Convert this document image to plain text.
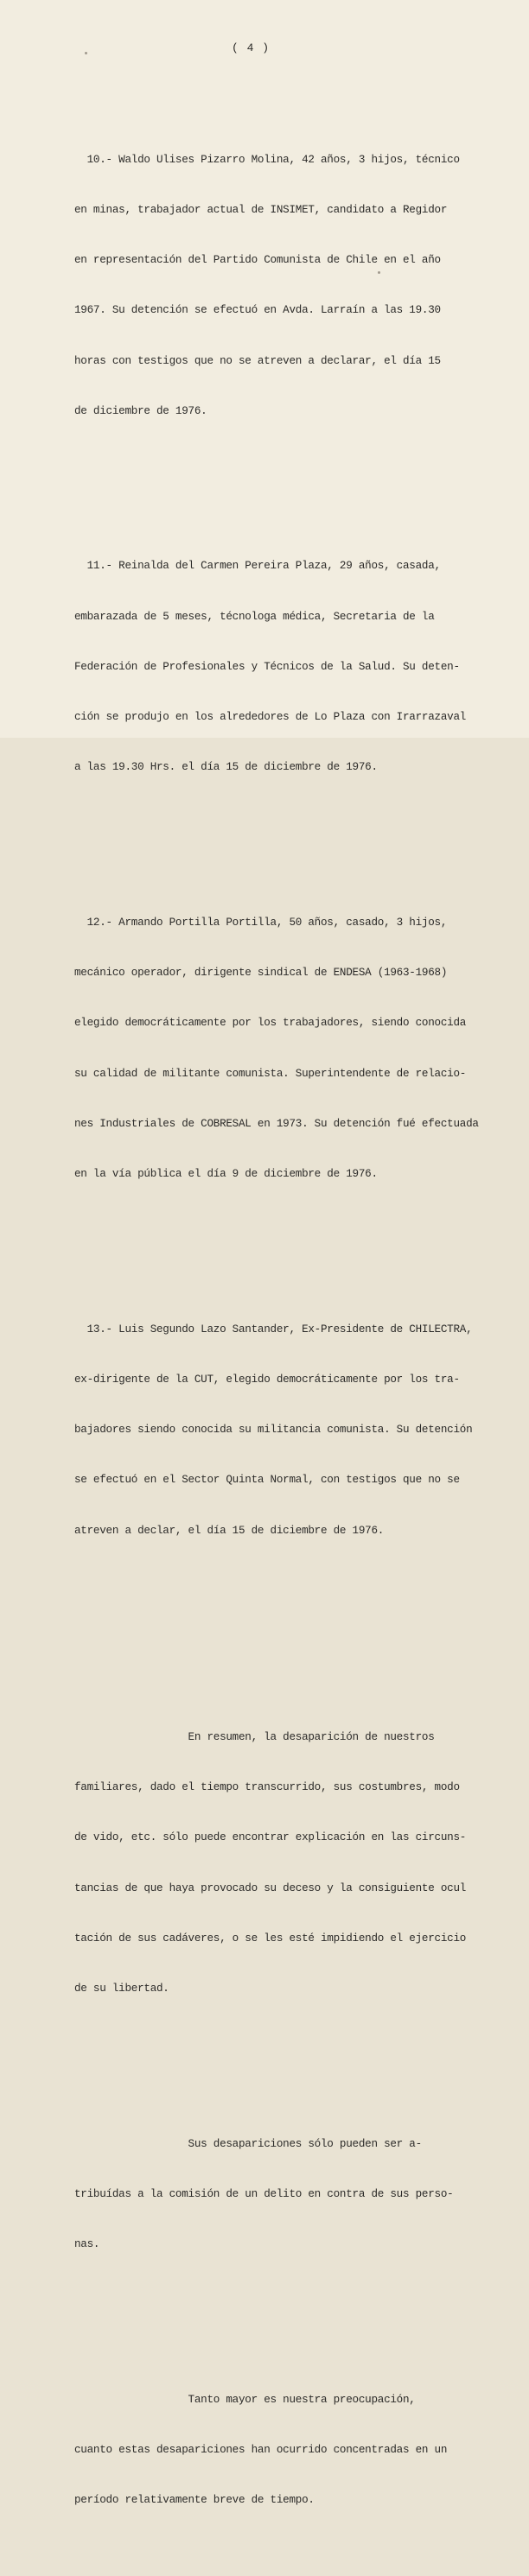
( 4 )

10.- Waldo Ulises Pizarro Molina, 42 años, 3 hijos, técnico

en minas, trabajador actual de INSIMET, candidato a Regidor

en representación del Partido Comunista de Chile en el año

1967. Su detención se efectuó en Avda. Larraín a las 19.30

horas con testigos que no se atreven a declarar, el día 15

de diciembre de 1976.

11.- Reinalda del Carmen Pereira Plaza, 29 años, casada,

embarazada de 5 meses, técnologa médica, Secretaria de la

Federación de Profesionales y Técnicos de la Salud. Su deten-

ción se produjo en los alrededores de Lo Plaza con Irarrazaval

a las 19.30 Hrs. el día 15 de diciembre de 1976.

12.- Armando Portilla Portilla, 50 años, casado, 3 hijos,

mecánico operador, dirigente sindical de ENDESA (1963-1968)

elegido democráticamente por los trabajadores, siendo conocida

su calidad de militante comunista. Superintendente de relacio-

nes Industriales de COBRESAL en 1973. Su detención fué efectuada

en la vía pública el día 9 de diciembre de 1976.

13.- Luis Segundo Lazo Santander, Ex-Presidente de CHILECTRA,

ex-dirigente de la CUT, elegido democráticamente por los tra-

bajadores siendo conocida su militancia comunista. Su detención

se efectuó en el Sector Quinta Normal, con testigos que no se

atreven a declar, el día 15 de diciembre de 1976.

En resumen, la desaparición de nuestros

familiares, dado el tiempo transcurrido, sus costumbres, modo

de vido, etc. sólo puede encontrar explicación en las circuns-

tancias de que haya provocado su deceso y la consiguiente ocul

tación de sus cadáveres, o se les esté impidiendo el ejercicio

de su libertad.

Sus desapariciones sólo pueden ser a-

tribuídas a la comisión de un delito en contra de sus perso-

nas.

Tanto mayor es nuestra preocupación,

cuanto estas desapariciones han ocurrido concentradas en un

período relativamente breve de tiempo.
